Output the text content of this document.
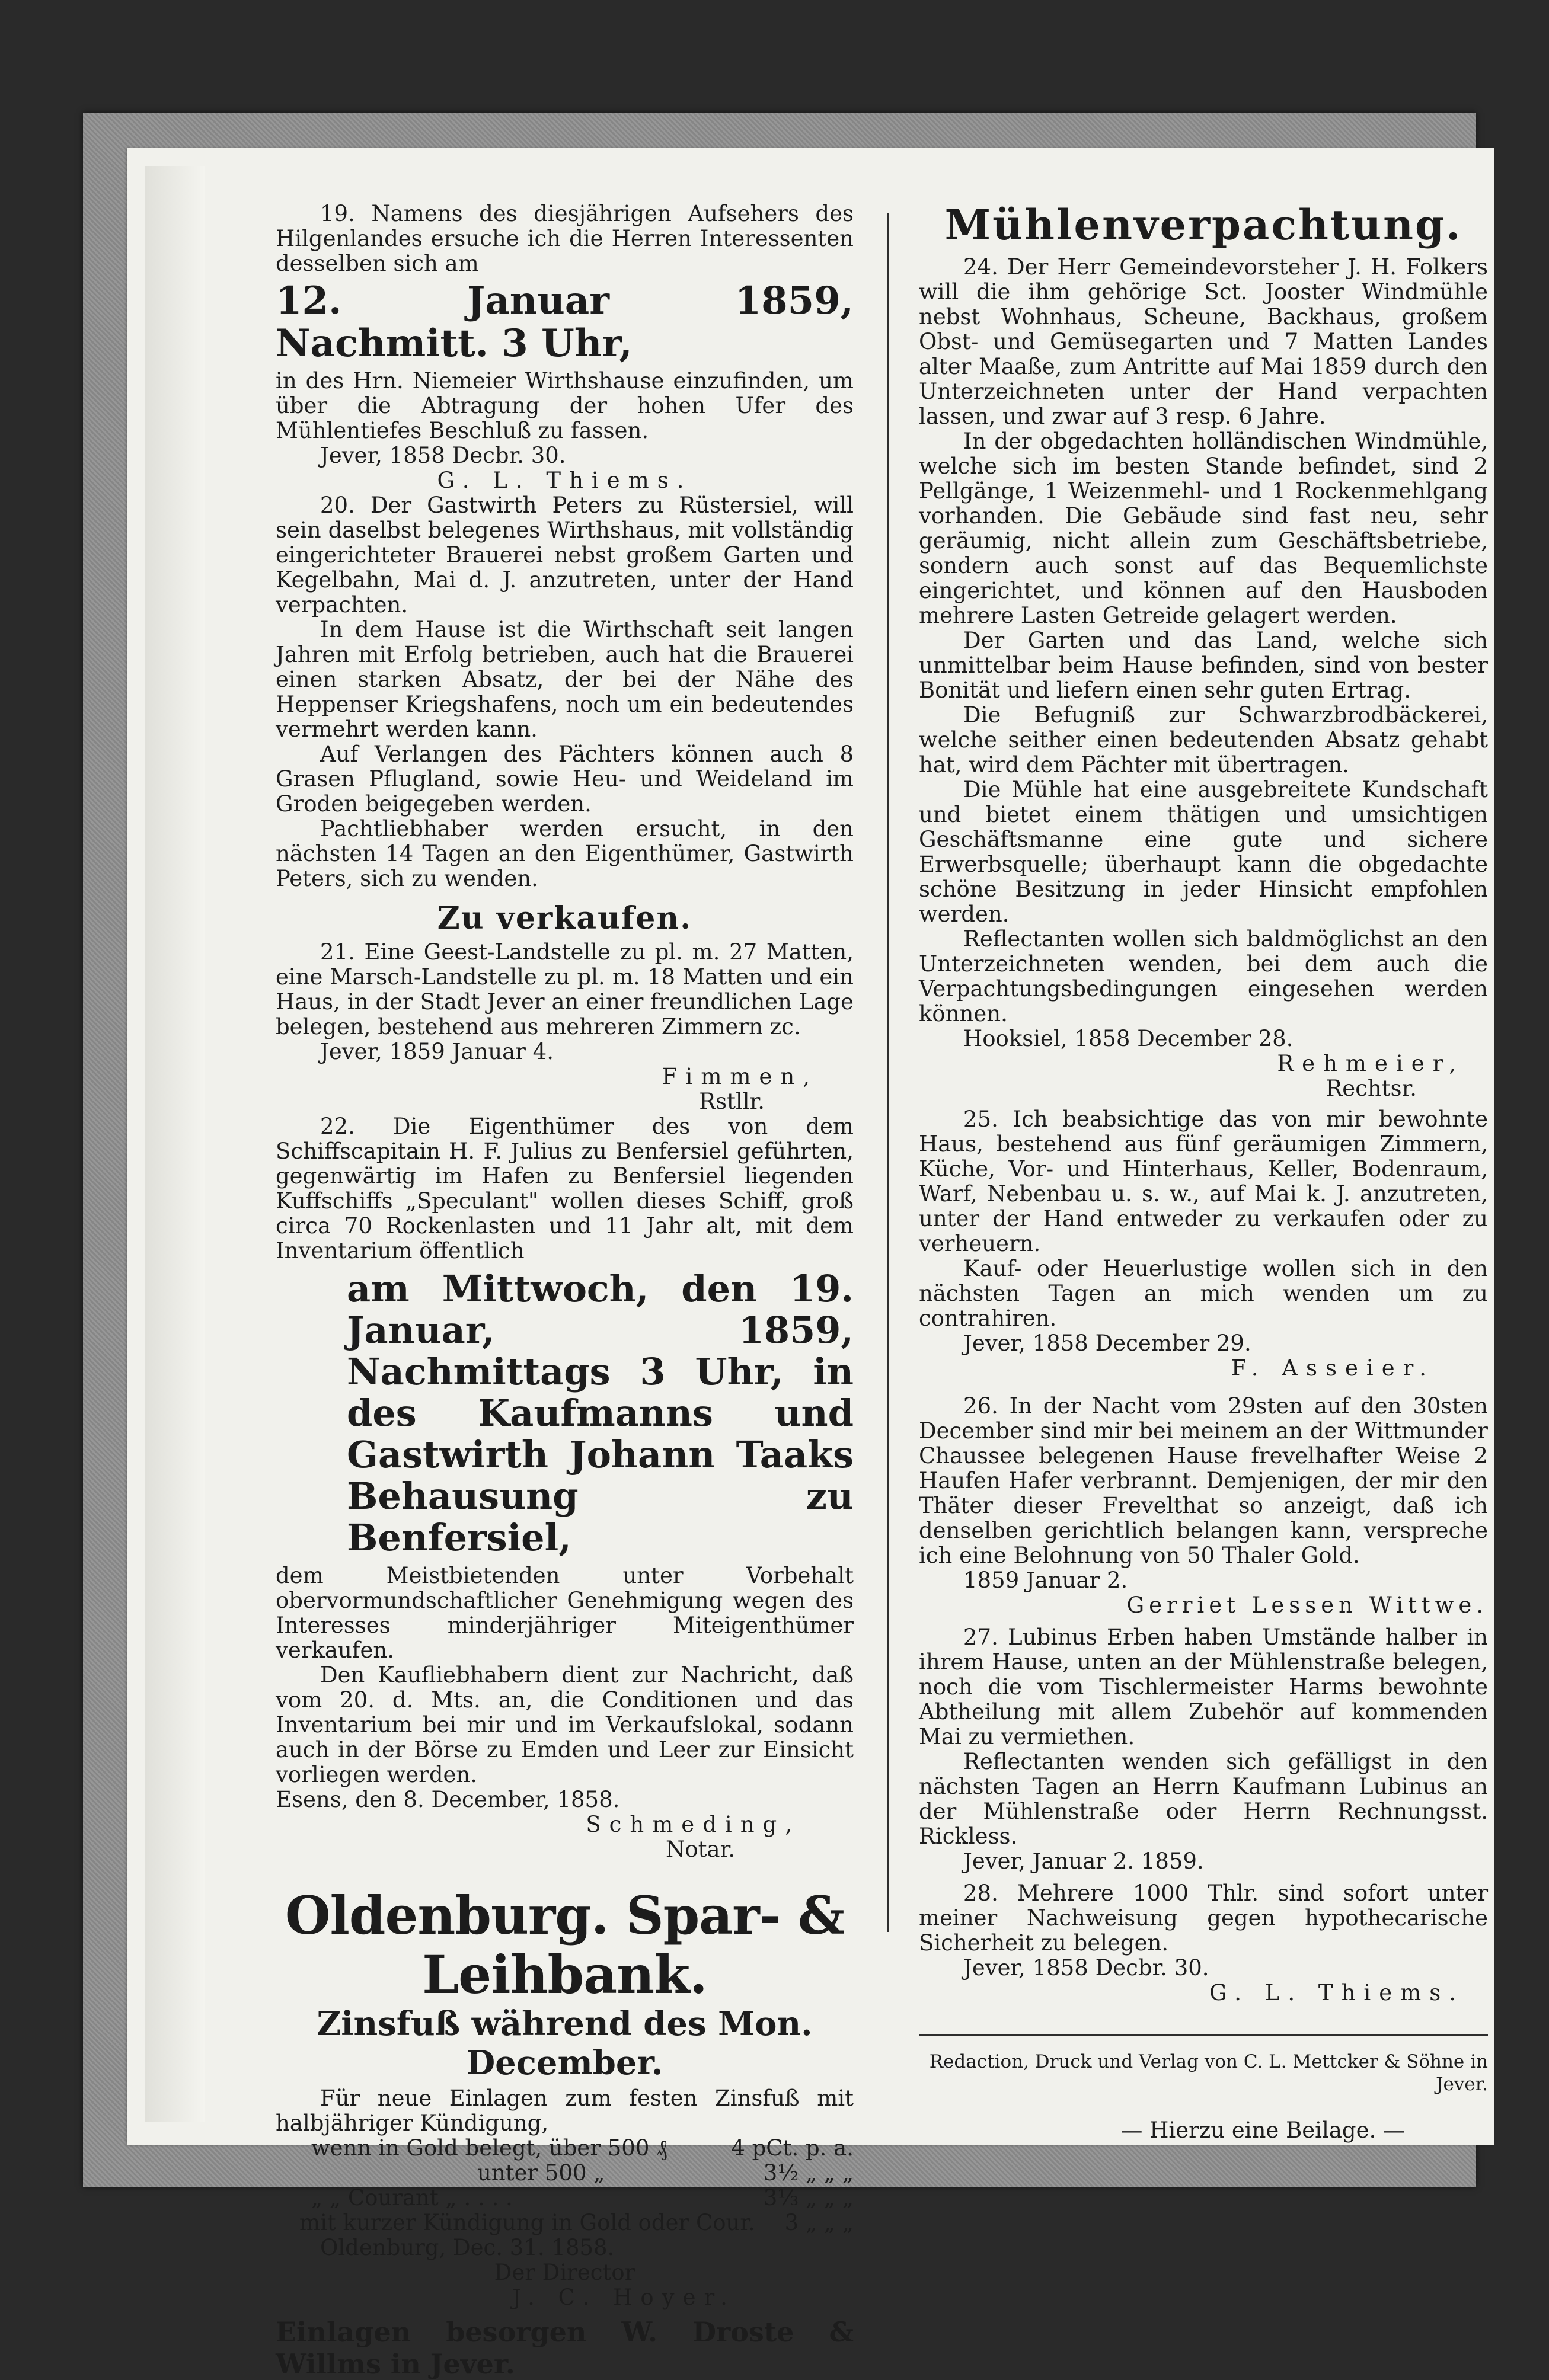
19. Namens des diesjährigen Aufsehers des Hilgenlandes ersuche ich die Herren Interessenten desselben sich am

12. Januar 1859, Nachmitt. 3 Uhr,

in des Hrn. Niemeier Wirthshause einzufinden, um über die Abtragung der hohen Ufer des Mühlentiefes Beschluß zu fassen.

Jever, 1858 Decbr. 30.

G. L. Thiems.

20. Der Gastwirth Peters zu Rüstersiel, will sein daselbst belegenes Wirthshaus, mit vollständig eingerichteter Brauerei nebst großem Garten und Kegelbahn, Mai d. J. anzutreten, unter der Hand verpachten.

In dem Hause ist die Wirthschaft seit langen Jahren mit Erfolg betrieben, auch hat die Brauerei einen starken Absatz, der bei der Nähe des Heppenser Kriegshafens, noch um ein bedeutendes vermehrt werden kann.

Auf Verlangen des Pächters können auch 8 Grasen Pflugland, sowie Heu- und Weideland im Groden beigegeben werden.

Pachtliebhaber werden ersucht, in den nächsten 14 Tagen an den Eigenthümer, Gastwirth Peters, sich zu wenden.

Zu verkaufen.

21. Eine Geest-Landstelle zu pl. m. 27 Matten, eine Marsch-Landstelle zu pl. m. 18 Matten und ein Haus, in der Stadt Jever an einer freundlichen Lage belegen, bestehend aus mehreren Zimmern zc.

Jever, 1859 Januar 4.

Fimmen,

Rstllr.

22. Die Eigenthümer des von dem Schiffscapitain H. F. Julius zu Benfersiel geführten, gegenwärtig im Hafen zu Benfersiel liegenden Kuffschiffs „Speculant" wollen dieses Schiff, groß circa 70 Rockenlasten und 11 Jahr alt, mit dem Inventarium öffentlich

am Mittwoch, den 19. Januar, 1859, Nachmittags 3 Uhr, in des Kaufmanns und Gastwirth Johann Taaks Behausung zu Benfersiel,

dem Meistbietenden unter Vorbehalt obervormundschaftlicher Genehmigung wegen des Interesses minderjähriger Miteigenthümer verkaufen.

Den Kaufliebhabern dient zur Nachricht, daß vom 20. d. Mts. an, die Conditionen und das Inventarium bei mir und im Verkaufslokal, sodann auch in der Börse zu Emden und Leer zur Einsicht vorliegen werden.

Esens, den 8. December, 1858.

Schmeding,

Notar.

Oldenburg. Spar- & Leihbank.

Zinsfuß während des Mon. December.

Für neue Einlagen zum festen Zinsfuß mit halbjähriger Kündigung,

wenn in Gold belegt, über 500 ₰	4 pCt. p. a.
unter 500 „	3½ „ „ „
„ „ Courant „ . . . .	3⅓ „ „ „
mit kurzer Kündigung in Gold oder Cour. 3 „ „ „

Oldenburg, Dec. 31. 1858.

Der Director

J. C. Hoyer.

Einlagen besorgen W. Droste & Willms in Jever.

Mühlenverpachtung.

24. Der Herr Gemeindevorsteher J. H. Folkers will die ihm gehörige Sct. Jooster Windmühle nebst Wohnhaus, Scheune, Backhaus, großem Obst- und Gemüsegarten und 7 Matten Landes alter Maaße, zum Antritte auf Mai 1859 durch den Unterzeichneten unter der Hand verpachten lassen, und zwar auf 3 resp. 6 Jahre.

In der obgedachten holländischen Windmühle, welche sich im besten Stande befindet, sind 2 Pellgänge, 1 Weizenmehl- und 1 Rockenmehlgang vorhanden. Die Gebäude sind fast neu, sehr geräumig, nicht allein zum Geschäftsbetriebe, sondern auch sonst auf das Bequemlichste eingerichtet, und können auf den Hausboden mehrere Lasten Getreide gelagert werden.

Der Garten und das Land, welche sich unmittelbar beim Hause befinden, sind von bester Bonität und liefern einen sehr guten Ertrag.

Die Befugniß zur Schwarzbrodbäckerei, welche seither einen bedeutenden Absatz gehabt hat, wird dem Pächter mit übertragen.

Die Mühle hat eine ausgebreitete Kundschaft und bietet einem thätigen und umsichtigen Geschäftsmanne eine gute und sichere Erwerbsquelle; überhaupt kann die obgedachte schöne Besitzung in jeder Hinsicht empfohlen werden.

Reflectanten wollen sich baldmöglichst an den Unterzeichneten wenden, bei dem auch die Verpachtungsbedingungen eingesehen werden können.

Hooksiel, 1858 December 28.

Rehmeier,

Rechtsr.

25. Ich beabsichtige das von mir bewohnte Haus, bestehend aus fünf geräumigen Zimmern, Küche, Vor- und Hinterhaus, Keller, Bodenraum, Warf, Nebenbau u. s. w., auf Mai k. J. anzutreten, unter der Hand entweder zu verkaufen oder zu verheuern.

Kauf- oder Heuerlustige wollen sich in den nächsten Tagen an mich wenden um zu contrahiren.

Jever, 1858 December 29.

F. Asseier.

26. In der Nacht vom 29sten auf den 30sten December sind mir bei meinem an der Wittmunder Chaussee belegenen Hause frevelhafter Weise 2 Haufen Hafer verbrannt. Demjenigen, der mir den Thäter dieser Frevelthat so anzeigt, daß ich denselben gerichtlich belangen kann, verspreche ich eine Belohnung von 50 Thaler Gold.

1859 Januar 2.

Gerriet Lessen Wittwe.

27. Lubinus Erben haben Umstände halber in ihrem Hause, unten an der Mühlenstraße belegen, noch die vom Tischlermeister Harms bewohnte Abtheilung mit allem Zubehör auf kommenden Mai zu vermiethen.

Reflectanten wenden sich gefälligst in den nächsten Tagen an Herrn Kaufmann Lubinus an der Mühlenstraße oder Herrn Rechnungsst. Rickless.

Jever, Januar 2. 1859.

28. Mehrere 1000 Thlr. sind sofort unter meiner Nachweisung gegen hypothecarische Sicherheit zu belegen.

Jever, 1858 Decbr. 30.

G. L. Thiems.

Redaction, Druck und Verlag von C. L. Mettcker & Söhne in Jever.

— Hierzu eine Beilage. —
